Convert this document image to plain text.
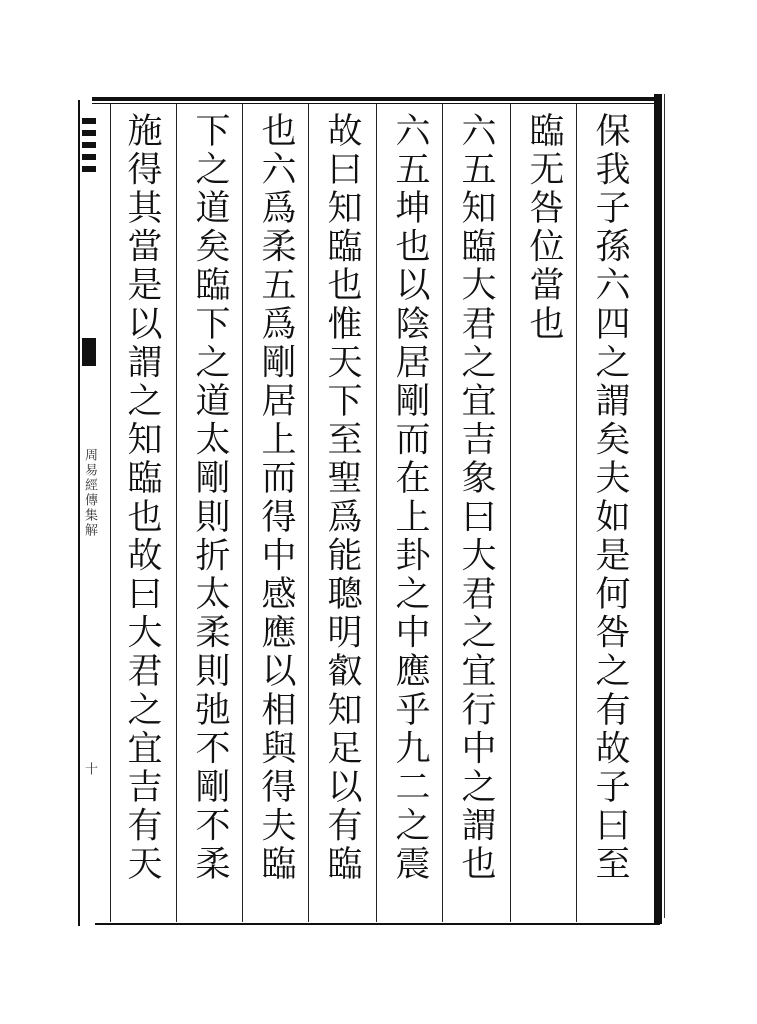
周易經傳集解
十	保我子孫六四之謂矣夫如是何咎之有故子曰至
臨无咎位當也
六五知臨大君之宜吉象曰大君之宜行中之謂也
六五坤也以陰居剛而在上卦之中應乎九二之震
故曰知臨也惟天下至聖爲能聰明叡知足以有臨
也六爲柔五爲剛居上而得中感應以相與得夫臨
下之道矣臨下之道太剛則折太柔則弛不剛不柔
施得其當是以謂之知臨也故曰大君之宜吉有天
